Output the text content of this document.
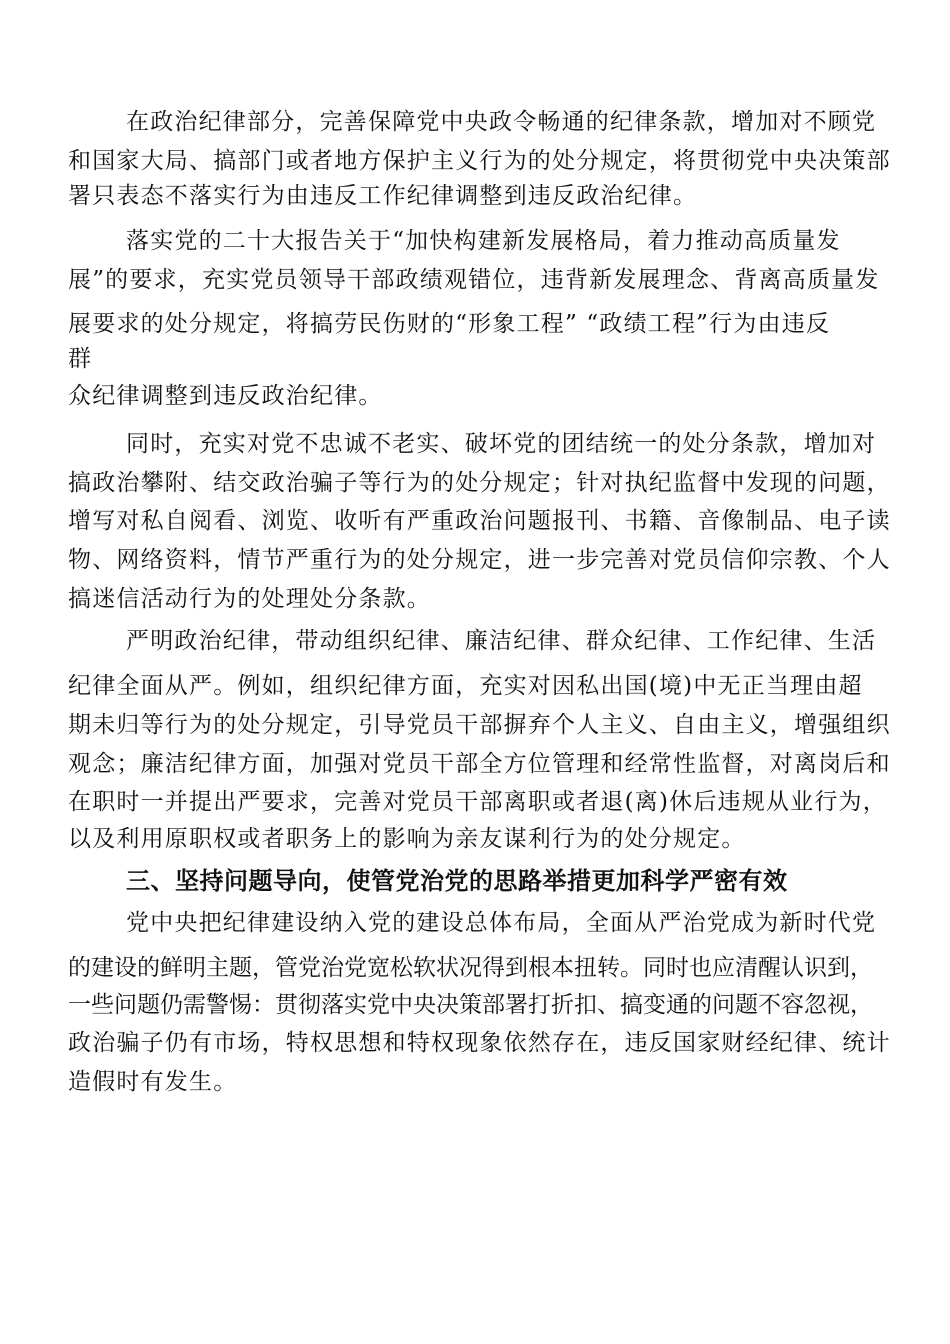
在政治纪律部分，完善保障党中央政令畅通的纪律条款，增加对不顾党
和国家大局、搞部门或者地方保护主义行为的处分规定，将贯彻党中央决策部
署只表态不落实行为由违反工作纪律调整到违反政治纪律。
落实党的二十大报告关于“加快构建新发展格局，着力推动高质量发
展”的要求，充实党员领导干部政绩观错位，违背新发展理念、背离高质量发
展要求的处分规定，将搞劳民伤财的“形象工程” “政绩工程”行为由违反
群
众纪律调整到违反政治纪律。
同时，充实对党不忠诚不老实、破坏党的团结统一的处分条款，增加对
搞政治攀附、结交政治骗子等行为的处分规定；针对执纪监督中发现的问题，
增写对私自阅看、浏览、收听有严重政治问题报刊、书籍、音像制品、电子读
物、网络资料，情节严重行为的处分规定，进一步完善对党员信仰宗教、个人
搞迷信活动行为的处理处分条款。
严明政治纪律，带动组织纪律、廉洁纪律、群众纪律、工作纪律、生活
纪律全面从严。例如，组织纪律方面，充实对因私出国(境)中无正当理由超
期未归等行为的处分规定，引导党员干部摒弃个人主义、自由主义，增强组织
观念；廉洁纪律方面，加强对党员干部全方位管理和经常性监督，对离岗后和
在职时一并提出严要求，完善对党员干部离职或者退(离)休后违规从业行为，
以及利用原职权或者职务上的影响为亲友谋利行为的处分规定。
三、坚持问题导向，使管党治党的思路举措更加科学严密有效
党中央把纪律建设纳入党的建设总体布局，全面从严治党成为新时代党
的建设的鲜明主题，管党治党宽松软状况得到根本扭转。同时也应清醒认识到，
一些问题仍需警惕：贯彻落实党中央决策部署打折扣、搞变通的问题不容忽视，
政治骗子仍有市场，特权思想和特权现象依然存在，违反国家财经纪律、统计
造假时有发生。
